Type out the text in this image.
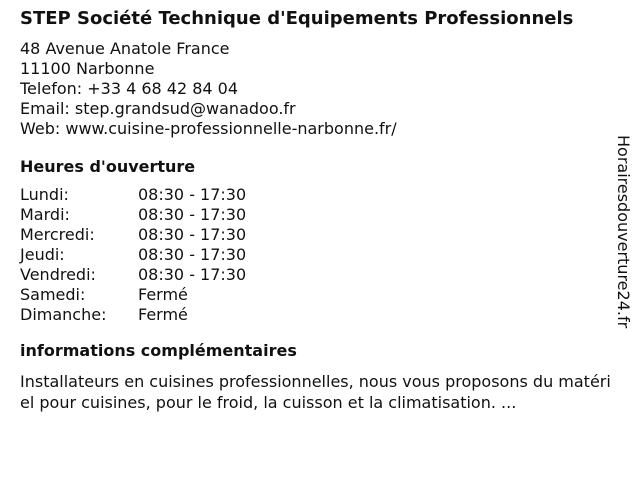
STEP Société Technique d'Equipements Professionnels
48 Avenue Anatole France
11100 Narbonne
Telefon: +33 4 68 42 84 04
Email: step.grandsud@wanadoo.fr
Web: www.cuisine-professionnelle-narbonne.fr/
Heures d'ouverture
Lundi:	08:30 - 17:30
Mardi:	08:30 - 17:30
Mercredi:	08:30 - 17:30
Jeudi:	08:30 - 17:30
Vendredi:	08:30 - 17:30
Samedi:	Fermé
Dimanche:	Fermé
informations complémentaires
Installateurs en cuisines professionnelles, nous vous proposons du matériel pour cuisines, pour le froid, la cuisson et la climatisation. ...
Horairesdouverture24.fr
